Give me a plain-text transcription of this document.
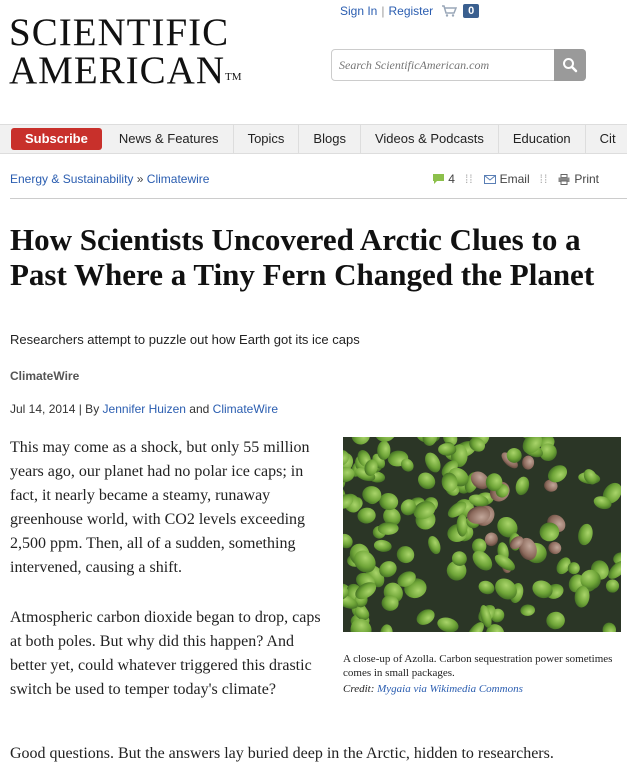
SCIENTIFIC
AMERICAN™
Sign In | Register	0
Search ScientificAmerican.com
Subscribe	News & Features	Topics	Blogs	Videos & Podcasts	Education	Cit
Energy & Sustainability » Climatewire	4 ⁞⁞ Email ⁞⁞ Print
How Scientists Uncovered Arctic Clues to a Past Where a Tiny Fern Changed the Planet
Researchers attempt to puzzle out how Earth got its ice caps
ClimateWire
Jul 14, 2014 | By Jennifer Huizen and ClimateWire

This may come as a shock, but only 55 million years ago, our planet had no polar ice caps; in fact, it nearly became a steamy, runaway greenhouse world, with CO2 levels exceeding 2,500 ppm. Then, all of a sudden, something intervened, causing a shift.

Atmospheric carbon dioxide began to drop, caps at both poles. But why did this happen? And better yet, could whatever triggered this drastic switch be used to temper today's climate?

Good questions. But the answers lay buried deep in the Arctic, hidden to researchers.

A close-up of Azolla. Carbon sequestration power sometimes comes in small packages.
Credit: Mygaia via Wikimedia Commons
